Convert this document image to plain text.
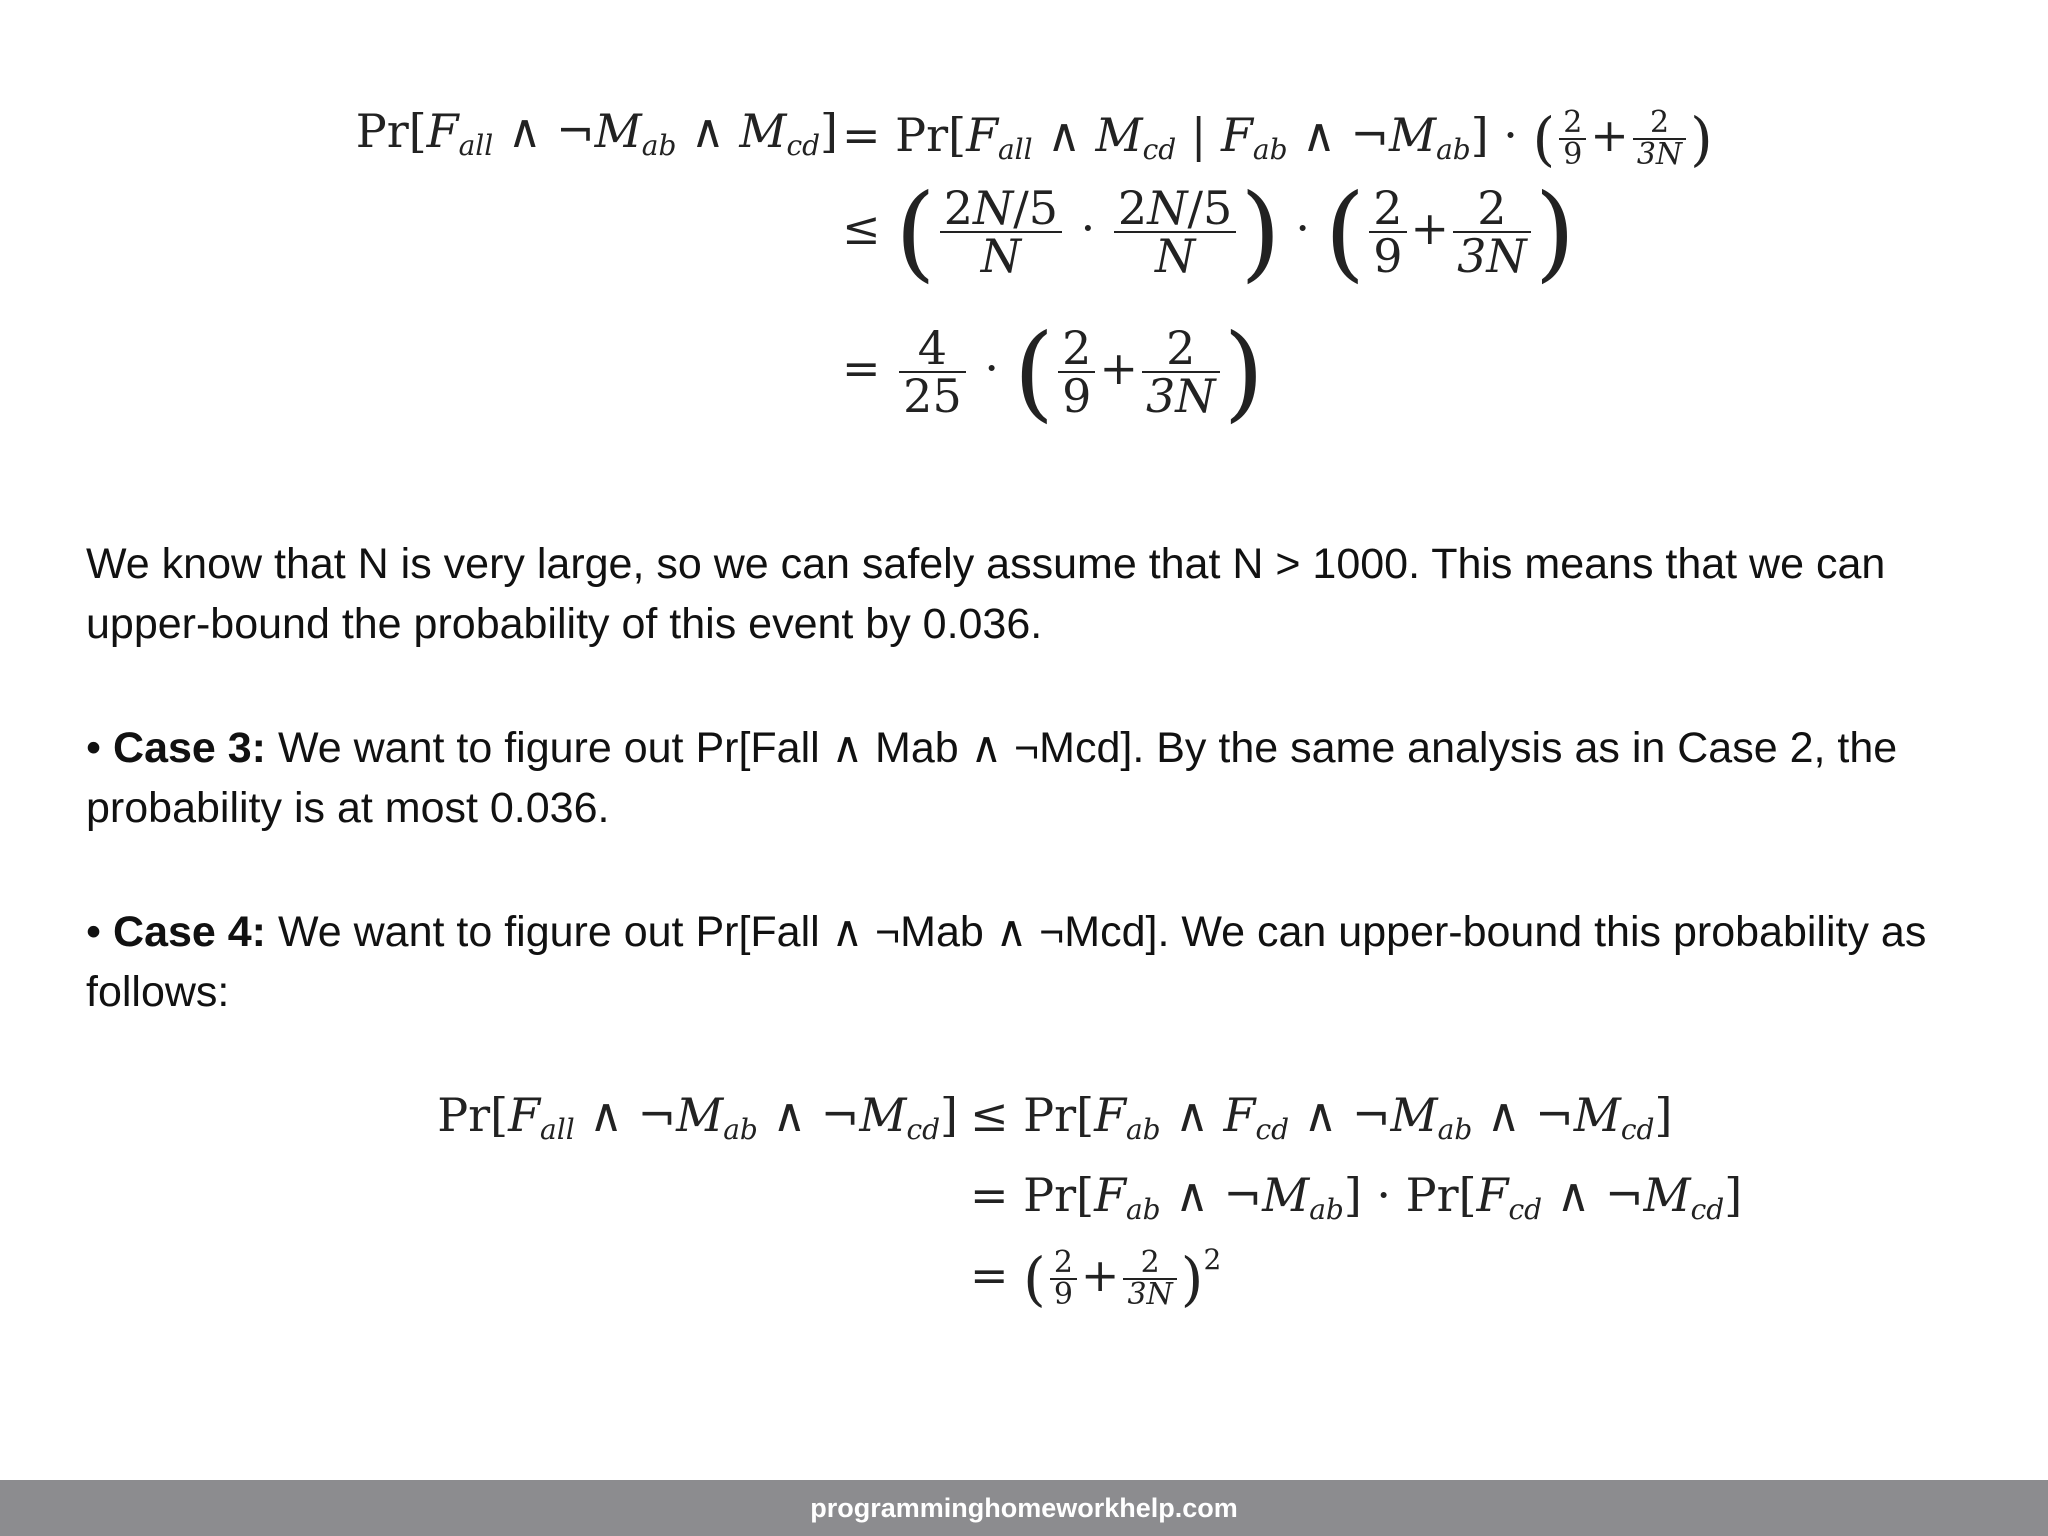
$Pr[F_{all}$ ∧ $\neg M_{ab}$ ∧ $M_{cd}] = Pr[F_{all}$ ∧ $M_{cd}$ | $F_{ab}$ ∧ $\neg M_{ab}$] · ( $\frac{2}{9} + \frac{2}{3N}$ )
≤ ( $\frac{2N/5}{N} \cdot \frac{2N/5}{N}$ ) · ( $\frac{2}{9} + \frac{2}{3N}$ )
= $\frac{4}{25}$ · ( $\frac{2}{9} + \frac{2}{3N}$ )
We know that N is very large, so we can safely assume that N > 1000. This means that we can upper-bound the probability of this event by 0.036.
• Case 3: We want to figure out Pr[Fall ∧ Mab ∧ ¬Mcd]. By the same analysis as in Case 2, the probability is at most 0.036.
• Case 4: We want to figure out Pr[Fall ∧ ¬Mab ∧ ¬Mcd]. We can upper-bound this probability as follows:
$Pr[F_{all}$ ∧ $\neg M_{ab}$ ∧ $\neg M_{cd}] \le Pr[F_{ab}$ ∧ $F_{cd}$ ∧ $\neg M_{ab}$ ∧ $\neg M_{cd}$]
= $Pr[F_{ab}$ ∧ $\neg M_{ab}] \cdot Pr[F_{cd}$ ∧ $\neg M_{cd}$]
= ( $\frac{2}{9} + \frac{2}{3N} )^2$
programminghomeworkhelp.com
